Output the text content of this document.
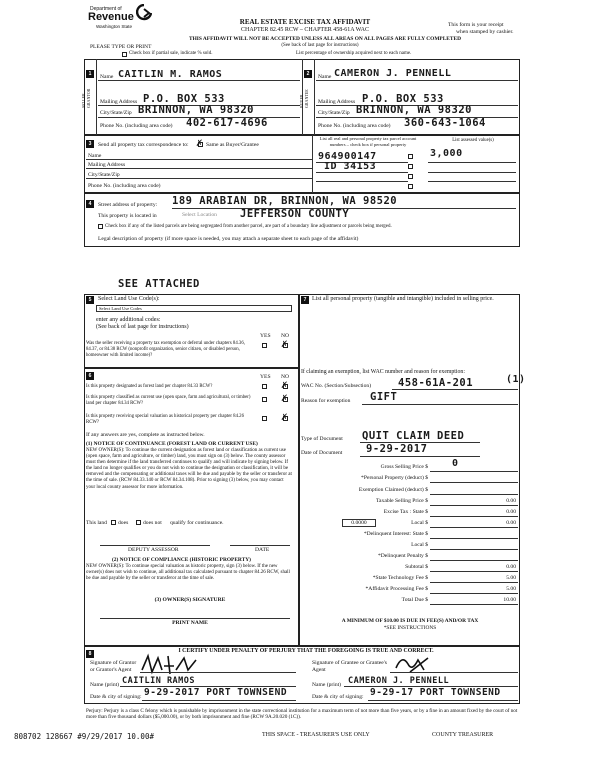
Department of
Revenue
Washington State
REAL ESTATE EXCISE TAX AFFIDAVIT
CHAPTER 82.45 RCW – CHAPTER 458-61A WAC
PLEASE TYPE OR PRINT
THIS AFFIDAVIT WILL NOT BE ACCEPTED UNLESS ALL AREAS ON ALL PAGES ARE FULLY COMPLETED
(See back of last page for instructions)
This form is your receipt
when stamped by cashier.
Check box if partial sale, indicate % sold.	List percentage of ownership acquired next to each name.
1
SELLER GRANTOR
Name CAITLIN M. RAMOS
Mailing Address P.O. BOX 533
City/State/Zip BRINNON, WA 98320
Phone No. (including area code) 402-617-4696
2
BUYER GRANTEE
Name CAMERON J. PENNELL
Mailing Address P.O. BOX 533
City/State/Zip BRINNON, WA 98320
Phone No. (including area code) 360-643-1064
3	Send all property tax correspondence to: ✗ Same as Buyer/Grantee
Name
Mailing Address
City/State/Zip
Phone No. (including area code)
List all real and personal property tax parcel account numbers – check box if personal property
List assessed value(s)
964900147	3,000
ID 34153
4	Street address of property: 189 ARABIAN DR, BRINNON, WA 98520
This property is located in	Select Location JEFFERSON COUNTY
Check box if any of the listed parcels are being segregated from another parcel, are part of a boundary line adjustment or parcels being merged.
Legal description of property (if more space is needed, you may attach a separate sheet to each page of the affidavit)
SEE ATTACHED
5	Select Land Use Code(s):
Select Land Use Codes
enter any additional codes:
(See back of last page for instructions)
YES NO
Was the seller receiving a property tax exemption or deferral under chapters 84.36, 84.37, or 84.38 RCW (nonprofit organization, senior citizen, or disabled person, homeowner with limited income)?
✗
6	YES NO
Is this property designated as forest land per chapter 84.33 RCW?	✗
Is this property classified as current use (open space, farm and agricultural, or timber) land per chapter 84.34 RCW?	✗
Is this property receiving special valuation as historical property per chapter 84.26 RCW?	✗
If any answers are yes, complete as instructed below.
(1) NOTICE OF CONTINUANCE (FOREST LAND OR CURRENT USE)
NEW OWNER(S): To continue the current designation as forest land or classification as current use (open space, farm and agriculture, or timber) land, you must sign on (3) below. The county assessor must then determine if the land transferred continues to qualify and will indicate by signing below. If the land no longer qualifies or you do not wish to continue the designation or classification, it will be removed and the compensating or additional taxes will be due and payable by the seller or transferor at the time of sale. (RCW 84.33.140 or RCW 84.34.108). Prior to signing (3) below, you may contact your local county assessor for more information.
This land does	does not qualify for continuance.
DEPUTY ASSESSOR	DATE
(2) NOTICE OF COMPLIANCE (HISTORIC PROPERTY)
NEW OWNER(S): To continue special valuation as historic property, sign (3) below. If the new owner(s) does not wish to continue, all additional tax calculated pursuant to chapter 84.26 RCW, shall be due and payable by the seller or transferor at the time of sale.
(3) OWNER(S) SIGNATURE
PRINT NAME
7 List all personal property (tangible and intangible) included in selling price.
If claiming an exemption, list WAC number and reason for exemption:
WAC No. (Section/Subsection)	458-61A-201	(1)
Reason for exemption GIFT
Type of Document QUIT CLAIM DEED
Date of Document 9-29-2017
Gross Selling Price $ 0
*Personal Property (deduct) $
Exemption Claimed (deduct) $
Taxable Selling Price $	0.00
Excise Tax : State $	0.00
0.0000	Local $	0.00
*Delinquent Interest: State $
Local $
*Delinquent Penalty $
Subtotal $	0.00
*State Technology Fee $	5.00
*Affidavit Processing Fee $	5.00
Total Due $	10.00
A MINIMUM OF $10.00 IS DUE IN FEE(S) AND/OR TAX
*SEE INSTRUCTIONS
8	I CERTIFY UNDER PENALTY OF PERJURY THAT THE FOREGOING IS TRUE AND CORRECT.
Signature of Grantor or Grantor's Agent
Name (print) CAITLIN RAMOS
Date & city of signing: 9-29-2017 PORT TOWNSEND
Signature of Grantee or Grantee's Agent
Name (print) CAMERON J. PENNELL
Date & city of signing: 9-29-17 PORT TOWNSEND
Perjury: Perjury is a class C felony which is punishable by imprisonment in the state correctional institution for a maximum term of not more than five years, or by a fine in an amount fixed by the court of not more than five thousand dollars ($5,000.00), or by both imprisonment and fine (RCW 9A.20.020 (1C)).
808702 128667 #9/29/2017 10.00#	THIS SPACE - TREASURER'S USE ONLY	COUNTY TREASURER
